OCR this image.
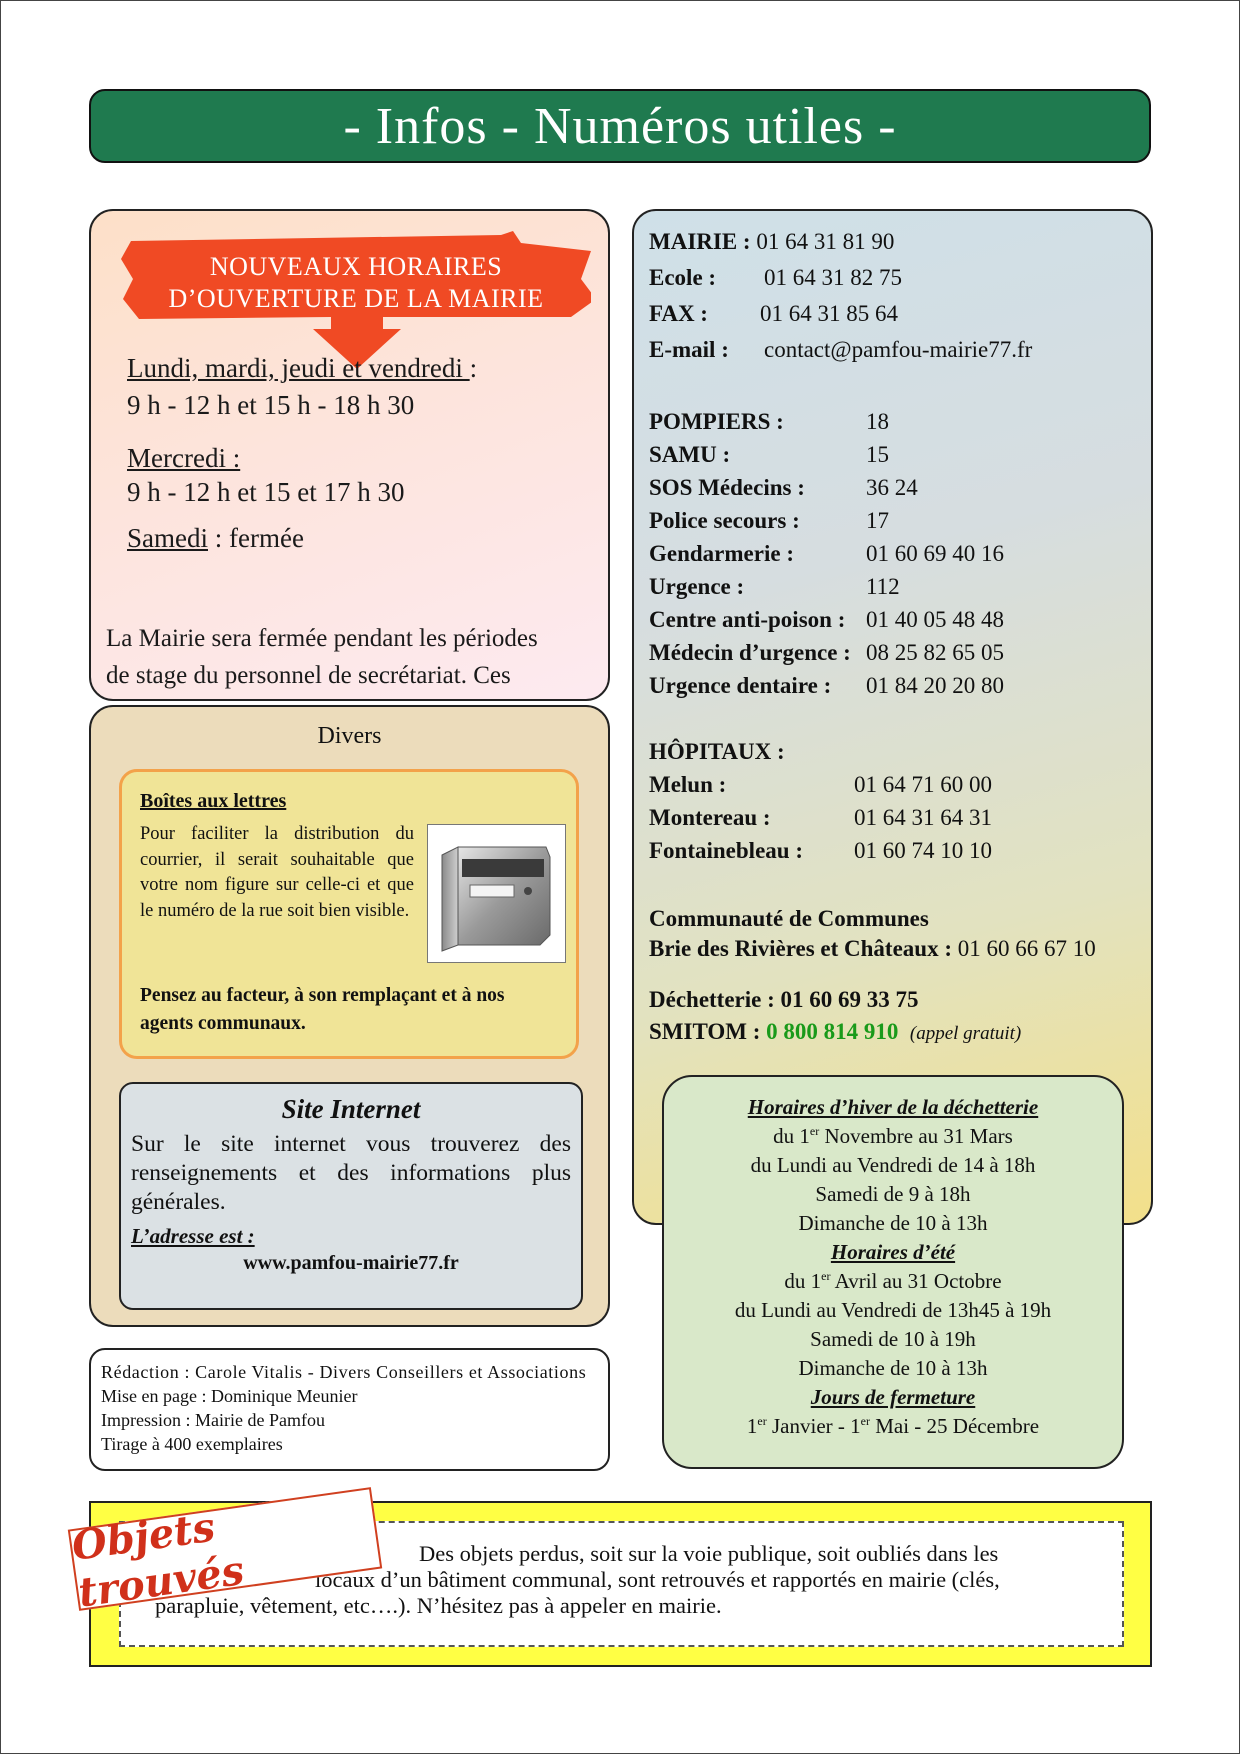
- Infos - Numéros utiles -
NOUVEAUX HORAIRES
D’OUVERTURE DE LA MAIRIE
Lundi, mardi, jeudi et vendredi :
9 h - 12 h et 15 h - 18 h 30
Mercredi :
9 h - 12 h et 15 et 17 h 30
Samedi : fermée
La Mairie sera fermée pendant les périodes
de stage du personnel de secrétariat. Ces
MAIRIE : 01 64 31 81 90
Ecole : 01 64 31 82 75
FAX : 01 64 31 85 64
E-mail : contact@pamfou-mairie77.fr
POMPIERS :	18
SAMU :	15
SOS Médecins :	36 24
Police secours :	17
Gendarmerie :	01 60 69 40 16
Urgence :	112
Centre anti-poison : 01 40 05 48 48
Médecin d’urgence : 08 25 82 65 05
Urgence dentaire : 01 84 20 20 80
HÔPITAUX :
Melun :	01 64 71 60 00
Montereau :	01 64 31 64 31
Fontainebleau : 01 60 74 10 10
Communauté de Communes
Brie des Rivières et Châteaux : 01 60 66 67 10
Déchetterie : 01 60 69 33 75
SMITOM : 0 800 814 910 (appel gratuit)
Divers
Boîtes aux lettres
Pour faciliter la distribution du courrier, il serait souhaitable que votre nom figure sur celle-ci et que le numéro de la rue soit bien visible.
Pensez au facteur, à son remplaçant et à nos agents communaux.
Site Internet
Sur le site internet vous trouverez des renseignements et des informations plus générales.
L’adresse est :
www.pamfou-mairie77.fr
Rédaction : Carole Vitalis - Divers Conseillers et Associations
Mise en page : Dominique Meunier
Impression : Mairie de Pamfou
Tirage à 400 exemplaires
Horaires d’hiver de la déchetterie
du 1er Novembre au 31 Mars
du Lundi au Vendredi de 14 à 18h
Samedi de 9 à 18h
Dimanche de 10 à 13h
Horaires d’été
du 1er Avril au 31 Octobre
du Lundi au Vendredi de 13h45 à 19h
Samedi de 10 à 19h
Dimanche de 10 à 13h
Jours de fermeture
1er Janvier - 1er Mai - 25 Décembre
Des objets perdus, soit sur la voie publique, soit oubliés dans les
locaux d’un bâtiment communal, sont retrouvés et rapportés en mairie (clés,
parapluie, vêtement, etc….). N’hésitez pas à appeler en mairie.
Objets trouvés
